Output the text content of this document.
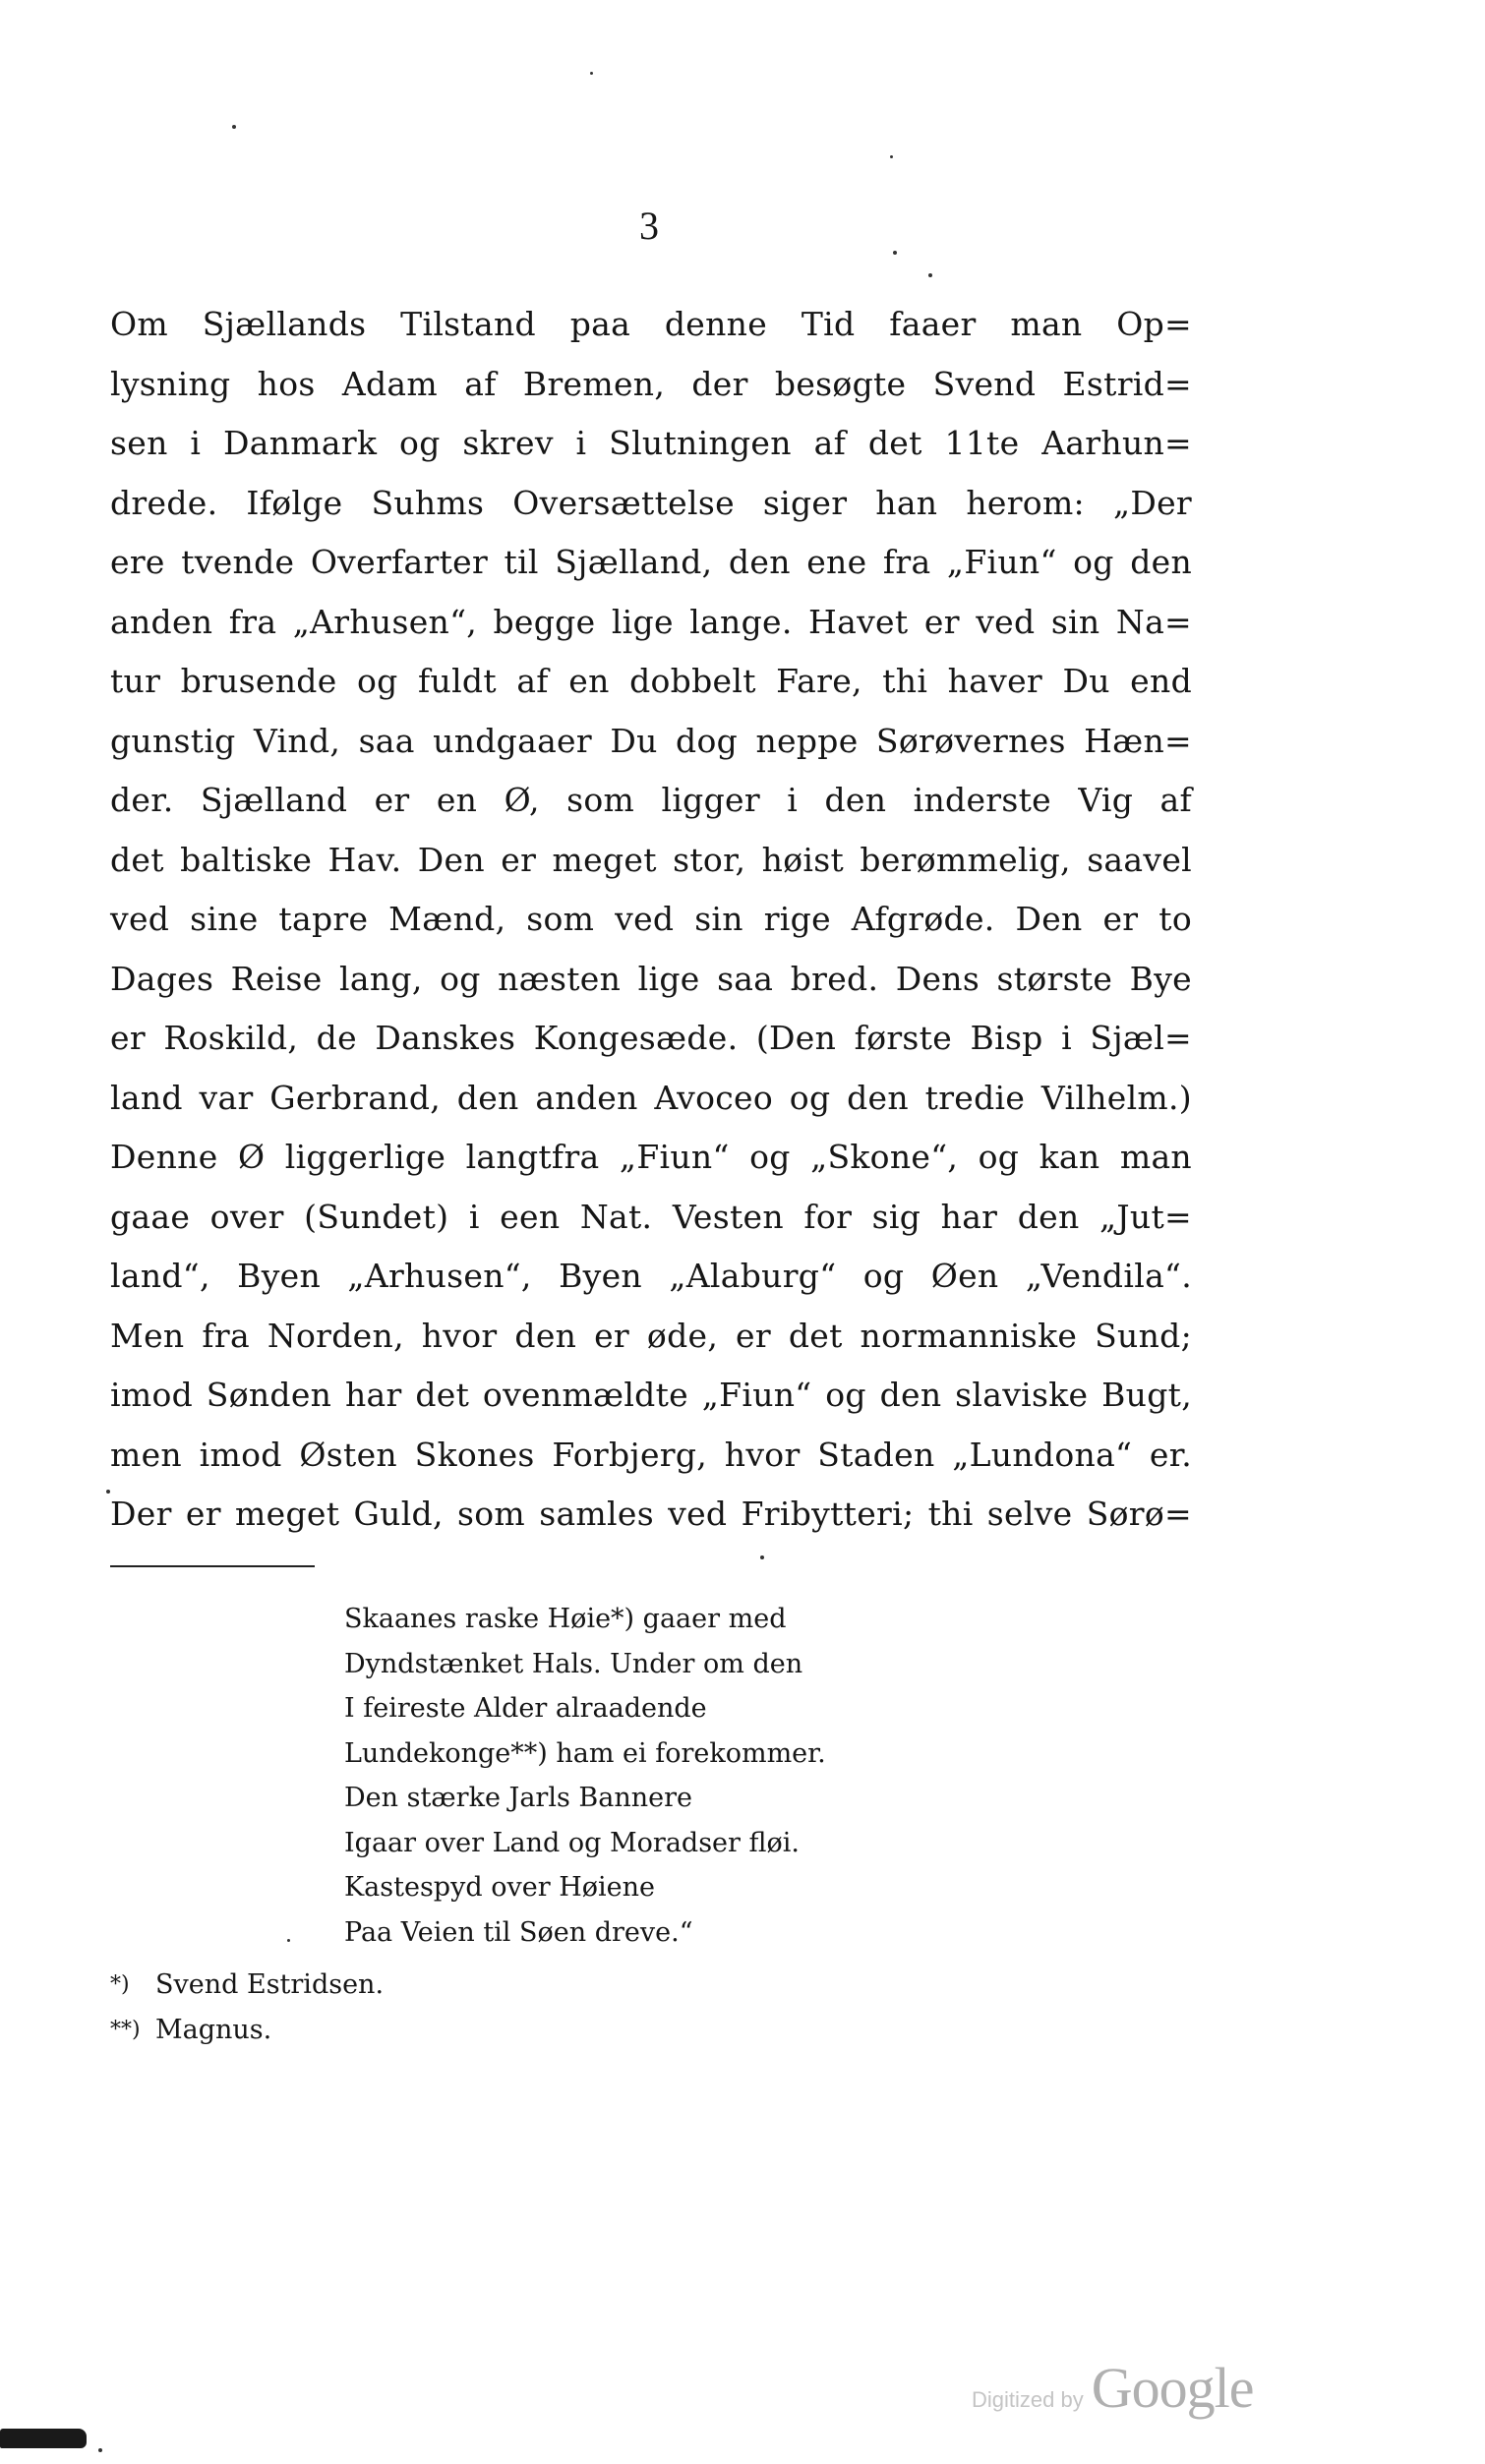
3
Om Sjællands Tilstand paa denne Tid faaer man Op=
lysning hos Adam af Bremen, der besøgte Svend Estrid=
sen i Danmark og skrev i Slutningen af det 11te Aarhun=
drede. Ifølge Suhms Oversættelse siger han herom: „Der
ere tvende Overfarter til Sjælland, den ene fra „Fiun“ og den
anden fra „Arhusen“, begge lige lange. Havet er ved sin Na=
tur brusende og fuldt af en dobbelt Fare, thi haver Du end
gunstig Vind, saa undgaaer Du dog neppe Sørøvernes Hæn=
der. Sjælland er en Ø, som ligger i den inderste Vig af
det baltiske Hav. Den er meget stor, høist berømmelig, saavel
ved sine tapre Mænd, som ved sin rige Afgrøde. Den er to
Dages Reise lang, og næsten lige saa bred. Dens største Bye
er Roskild, de Danskes Kongesæde. (Den første Bisp i Sjæl=
land var Gerbrand, den anden Avoceo og den tredie Vilhelm.)
Denne Ø liggerlige langtfra „Fiun“ og „Skone“, og kan man
gaae over (Sundet) i een Nat. Vesten for sig har den „Jut=
land“, Byen „Arhusen“, Byen „Alaburg“ og Øen „Vendila“.
Men fra Norden, hvor den er øde, er det normanniske Sund;
imod Sønden har det ovenmældte „Fiun“ og den slaviske Bugt,
men imod Østen Skones Forbjerg, hvor Staden „Lundona“ er.
Der er meget Guld, som samles ved Fribytteri; thi selve Sørø=
Skaanes raske Høie*) gaaer med
Dyndstænket Hals. Under om den
I feireste Alder alraadende
Lundekonge**) ham ei forekommer.
Den stærke Jarls Bannere
Igaar over Land og Moradser fløi.
Kastespyd over Høiene
Paa Veien til Søen dreve.“
*) Svend Estridsen.
**) Magnus.
Digitized by Google
